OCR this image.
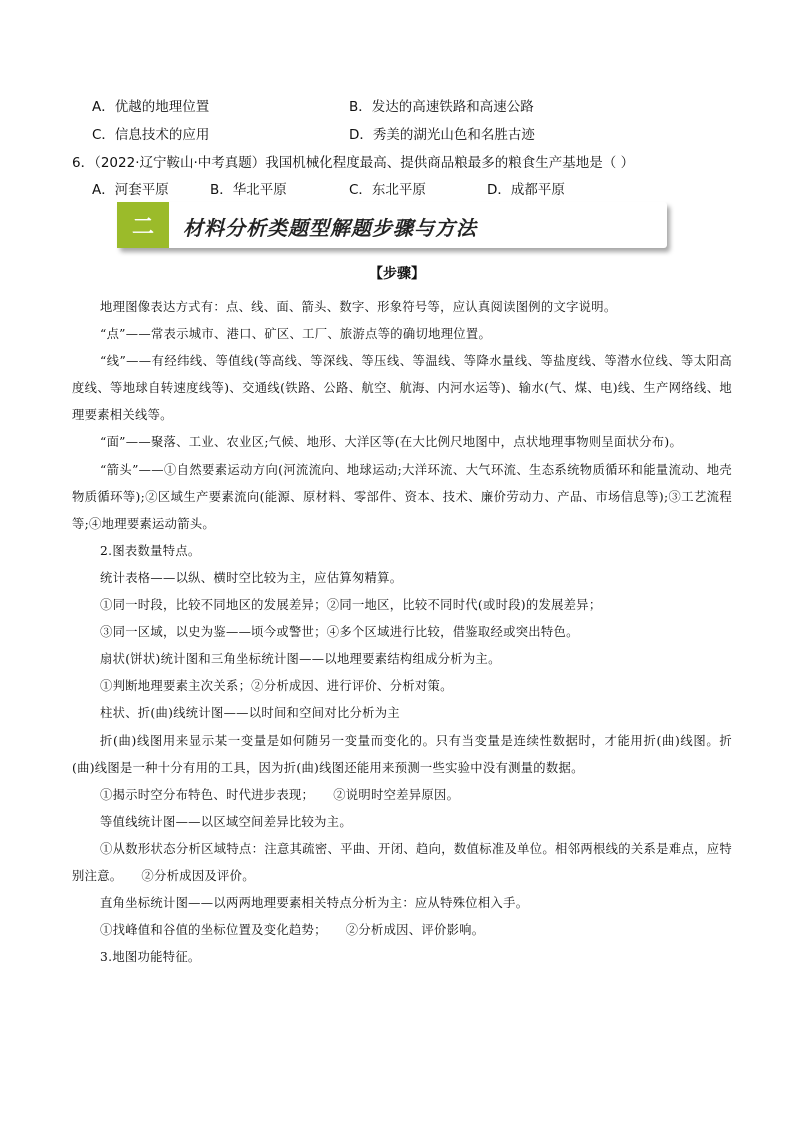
A．优越的地理位置	B．发达的高速铁路和高速公路
C．信息技术的应用	D．秀美的湖光山色和名胜古迹
6．（2022·辽宁鞍山·中考真题）我国机械化程度最高、提供商品粮最多的粮食生产基地是（ ）
A．河套平原	B．华北平原	C．东北平原	D．成都平原
二	材料分析类题型解题步骤与方法
【步骤】

地理图像表达方式有：点、线、面、箭头、数字、形象符号等，应认真阅读图例的文字说明。

“点”——常表示城市、港口、矿区、工厂、旅游点等的确切地理位置。

“线”——有经纬线、等值线(等高线、等深线、等压线、等温线、等降水量线、等盐度线、等潜水位线、等太阳高度线、等地球自转速度线等)、交通线(铁路、公路、航空、航海、内河水运等)、输水(气、煤、电)线、生产网络线、地理要素相关线等。

“面”——聚落、工业、农业区;气候、地形、大洋区等(在大比例尺地图中，点状地理事物则呈面状分布)。

“箭头”——①自然要素运动方向(河流流向、地球运动;大洋环流、大气环流、生态系统物质循环和能量流动、地壳物质循环等);②区域生产要素流向(能源、原材料、零部件、资本、技术、廉价劳动力、产品、市场信息等);③工艺流程等;④地理要素运动箭头。

2.图表数量特点。

统计表格——以纵、横时空比较为主，应估算匆精算。

①同一时段，比较不同地区的发展差异；②同一地区，比较不同时代(或时段)的发展差异；

③同一区域，以史为鉴——顷今或警世；④多个区域进行比较，借鉴取经或突出特色。

扇状(饼状)统计图和三角坐标统计图——以地理要素结构组成分析为主。

①判断地理要素主次关系；②分析成因、进行评价、分析对策。

柱状、折(曲)线统计图——以时间和空间对比分析为主

折(曲)线图用来显示某一变量是如何随另一变量而变化的。只有当变量是连续性数据时，才能用折(曲)线图。折(曲)线图是一种十分有用的工具，因为折(曲)线图还能用来预测一些实验中没有测量的数据。

①揭示时空分布特色、时代进步表现；　　②说明时空差异原因。

等值线统计图——以区域空间差异比较为主。

①从数形状态分析区域特点：注意其疏密、平曲、开闭、趋向，数值标准及单位。相邻两根线的关系是难点，应特别注意。　　②分析成因及评价。

直角坐标统计图——以两两地理要素相关特点分析为主：应从特殊位相入手。

①找峰值和谷值的坐标位置及变化趋势；　　②分析成因、评价影响。

3.地图功能特征。
